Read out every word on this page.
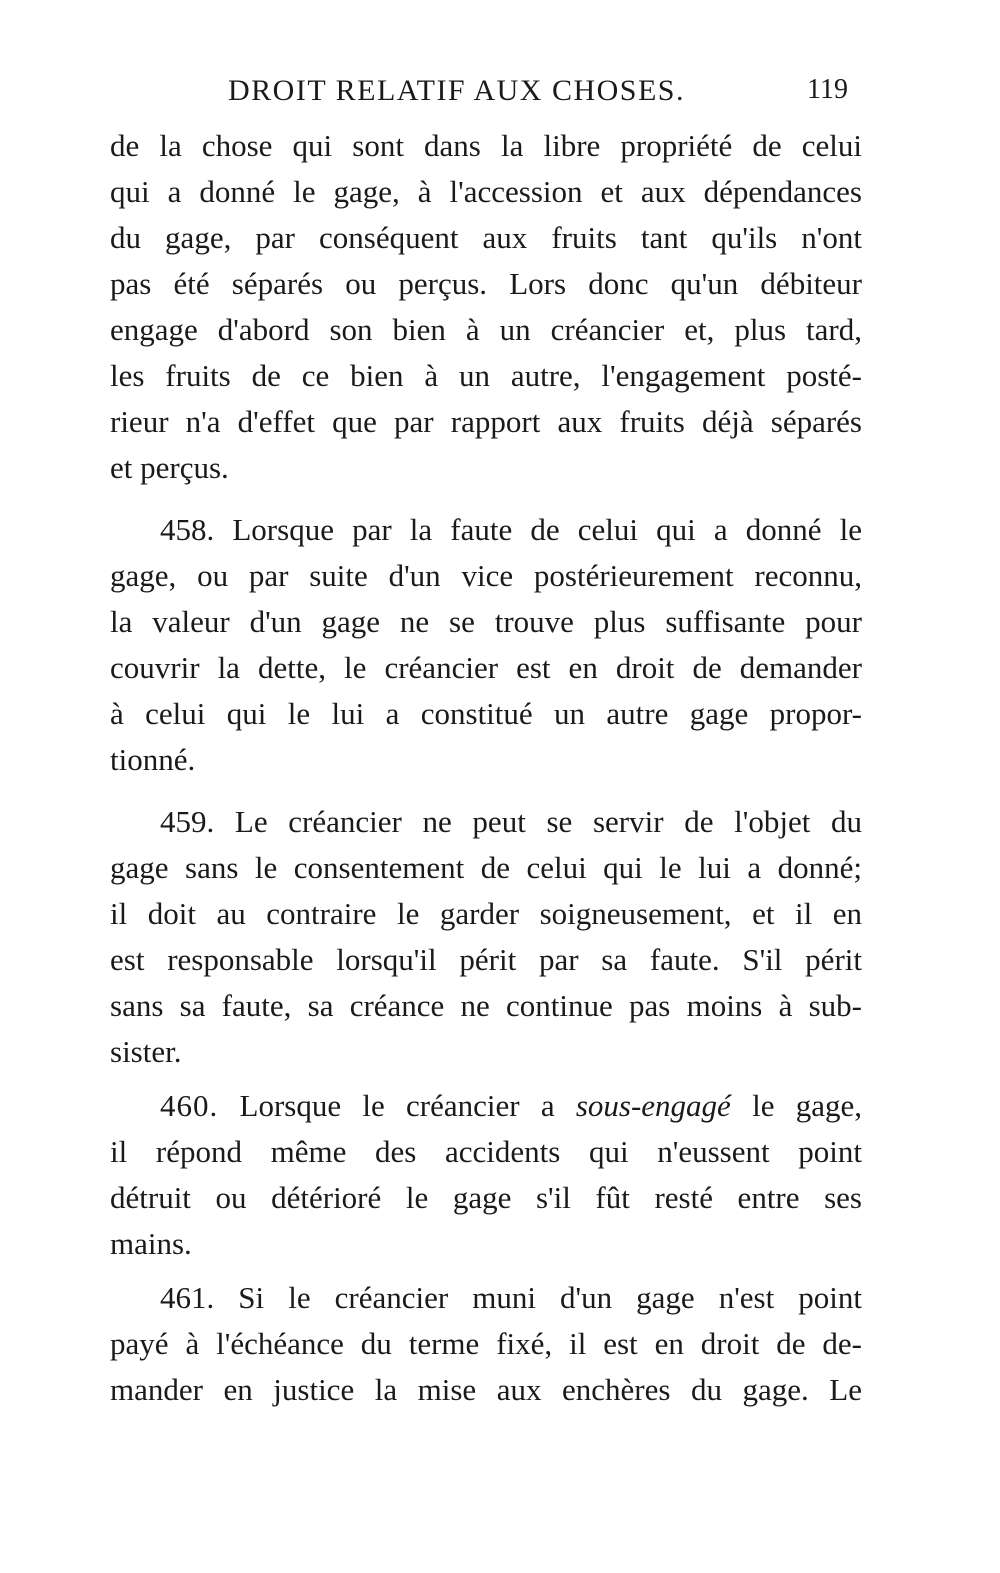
DROIT RELATIF AUX CHOSES.	119
de la chose qui sont dans la libre propriété de celui
qui a donné le gage, à l'accession et aux dépendances
du gage, par conséquent aux fruits tant qu'ils n'ont
pas été séparés ou perçus. Lors donc qu'un débiteur
engage d'abord son bien à un créancier et, plus tard,
les fruits de ce bien à un autre, l'engagement posté-
rieur n'a d'effet que par rapport aux fruits déjà séparés
et perçus.
458. Lorsque par la faute de celui qui a donné le
gage, ou par suite d'un vice postérieurement reconnu,
la valeur d'un gage ne se trouve plus suffisante pour
couvrir la dette, le créancier est en droit de demander
à celui qui le lui a constitué un autre gage propor-
tionné.
459. Le créancier ne peut se servir de l'objet du
gage sans le consentement de celui qui le lui a donné;
il doit au contraire le garder soigneusement, et il en
est responsable lorsqu'il périt par sa faute. S'il périt
sans sa faute, sa créance ne continue pas moins à sub-
sister.
460. Lorsque le créancier a sous-engagé le gage,
il répond même des accidents qui n'eussent point
détruit ou détérioré le gage s'il fût resté entre ses
mains.
461. Si le créancier muni d'un gage n'est point
payé à l'échéance du terme fixé, il est en droit de de-
mander en justice la mise aux enchères du gage. Le
